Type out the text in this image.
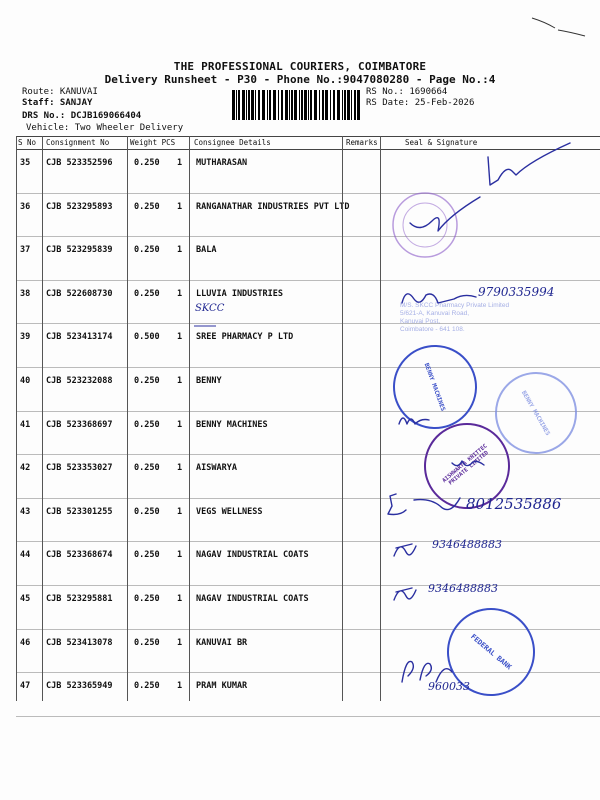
THE PROFESSIONAL COURIERS, COIMBATORE
Delivery Runsheet - P30 - Phone No.:9047080280 - Page No.:4
Route: KANUVAI
Staff: SANJAY
DRS No.: DCJB169066404
Vehicle: Two Wheeler Delivery
RS No.: 1690664
RS Date: 25-Feb-2026
S No Consignment No	Weight PCS	Consignee Details	Remarks	Seal & Signature
35 CJB 523352596	0.250 1 MUTHARASAN
36 CJB 523295893	0.250 1 RANGANATHAR INDUSTRIES PVT LTD
37 CJB 523295839	0.250 1 BALA
38 CJB 522608730	0.250 1 LLUVIA INDUSTRIES
39 CJB 523413174	0.500 1 SREE PHARMACY P LTD
40 CJB 523232088	0.250 1 BENNY
41 CJB 523368697	0.250 1 BENNY MACHINES
42 CJB 523353027	0.250 1 AISWARYA
43 CJB 523301255	0.250 1 VEGS WELLNESS
44 CJB 523368674	0.250 1 NAGAV INDUSTRIAL COATS
45 CJB 523295881	0.250 1 NAGAV INDUSTRIAL COATS
46 CJB 523413078	0.250 1 KANUVAI BR
47 CJB 523365949	0.250 1 PRAM KUMAR
9790335994
SKCC	M/S. SKCC Pharmacy Private Limited
5/621-A, Kanuvai Road,
Kanuvai Post,
Coimbatore - 641 108.
BENNY MACHINES
BENNY MACHINES
AISHWARYA KNITTEC PRIVATE LIMITED
8012535886
9346488883
9346488883
FEDERAL BANK
960033
